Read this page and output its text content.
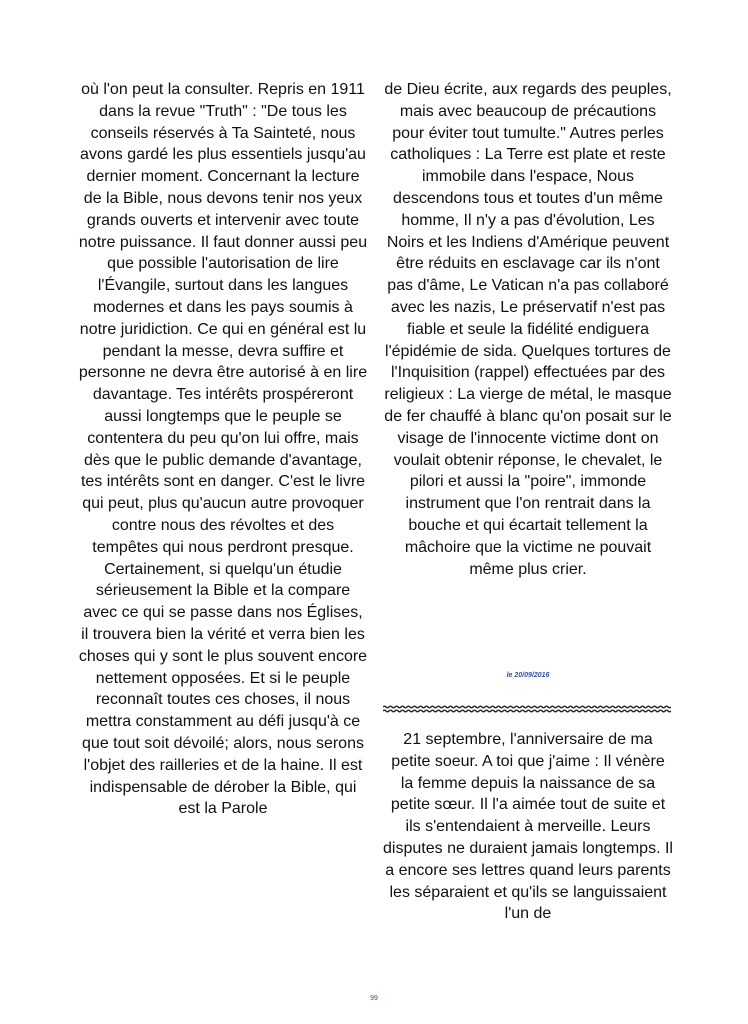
où l'on peut la consulter. Repris en 1911 dans la revue "Truth" : "De tous les conseils réservés à Ta Sainteté, nous avons gardé les plus essentiels jusqu'au dernier moment. Concernant la lecture de la Bible, nous devons tenir nos yeux grands ouverts et intervenir avec toute notre puissance. Il faut donner aussi peu que possible l'autorisation de lire l'Évangile, surtout dans les langues modernes et dans les pays soumis à notre juridiction. Ce qui en général est lu pendant la messe, devra suffire et personne ne devra être autorisé à en lire davantage. Tes intérêts prospéreront aussi longtemps que le peuple se contentera du peu qu'on lui offre, mais dès que le public demande d'avantage, tes intérêts sont en danger. C'est le livre qui peut, plus qu'aucun autre provoquer contre nous des révoltes et des tempêtes qui nous perdront presque. Certainement, si quelqu'un étudie sérieusement la Bible et la compare avec ce qui se passe dans nos Églises, il trouvera bien la vérité et verra bien les choses qui y sont le plus souvent encore nettement opposées. Et si le peuple reconnaît toutes ces choses, il nous mettra constamment au défi jusqu'à ce que tout soit dévoilé; alors, nous serons l'objet des railleries et de la haine. Il est indispensable de dérober la Bible, qui est la Parole

de Dieu écrite, aux regards des peuples, mais avec beaucoup de précautions pour éviter tout tumulte." Autres perles catholiques : La Terre est plate et reste immobile dans l'espace, Nous descendons tous et toutes d'un même homme, Il n'y a pas d'évolution, Les Noirs et les Indiens d'Amérique peuvent être réduits en esclavage car ils n'ont pas d'âme, Le Vatican n'a pas collaboré avec les nazis, Le préservatif n'est pas fiable et seule la fidélité endiguera l'épidémie de sida. Quelques tortures de l'Inquisition (rappel) effectuées par des religieux : La vierge de métal, le masque de fer chauffé à blanc qu'on posait sur le visage de l'innocente victime dont on voulait obtenir réponse, le chevalet, le pilori et aussi la "poire", immonde instrument que l'on rentrait dans la bouche et qui écartait tellement la mâchoire que la victime ne pouvait même plus crier.

le 20/09/2016

21 septembre, l'anniversaire de ma petite soeur. A toi que j'aime : Il vénère la femme depuis la naissance de sa petite sœur. Il l'a aimée tout de suite et ils s'entendaient à merveille. Leurs disputes ne duraient jamais longtemps. Il a encore ses lettres quand leurs parents les séparaient et qu'ils se languissaient l'un de

99
